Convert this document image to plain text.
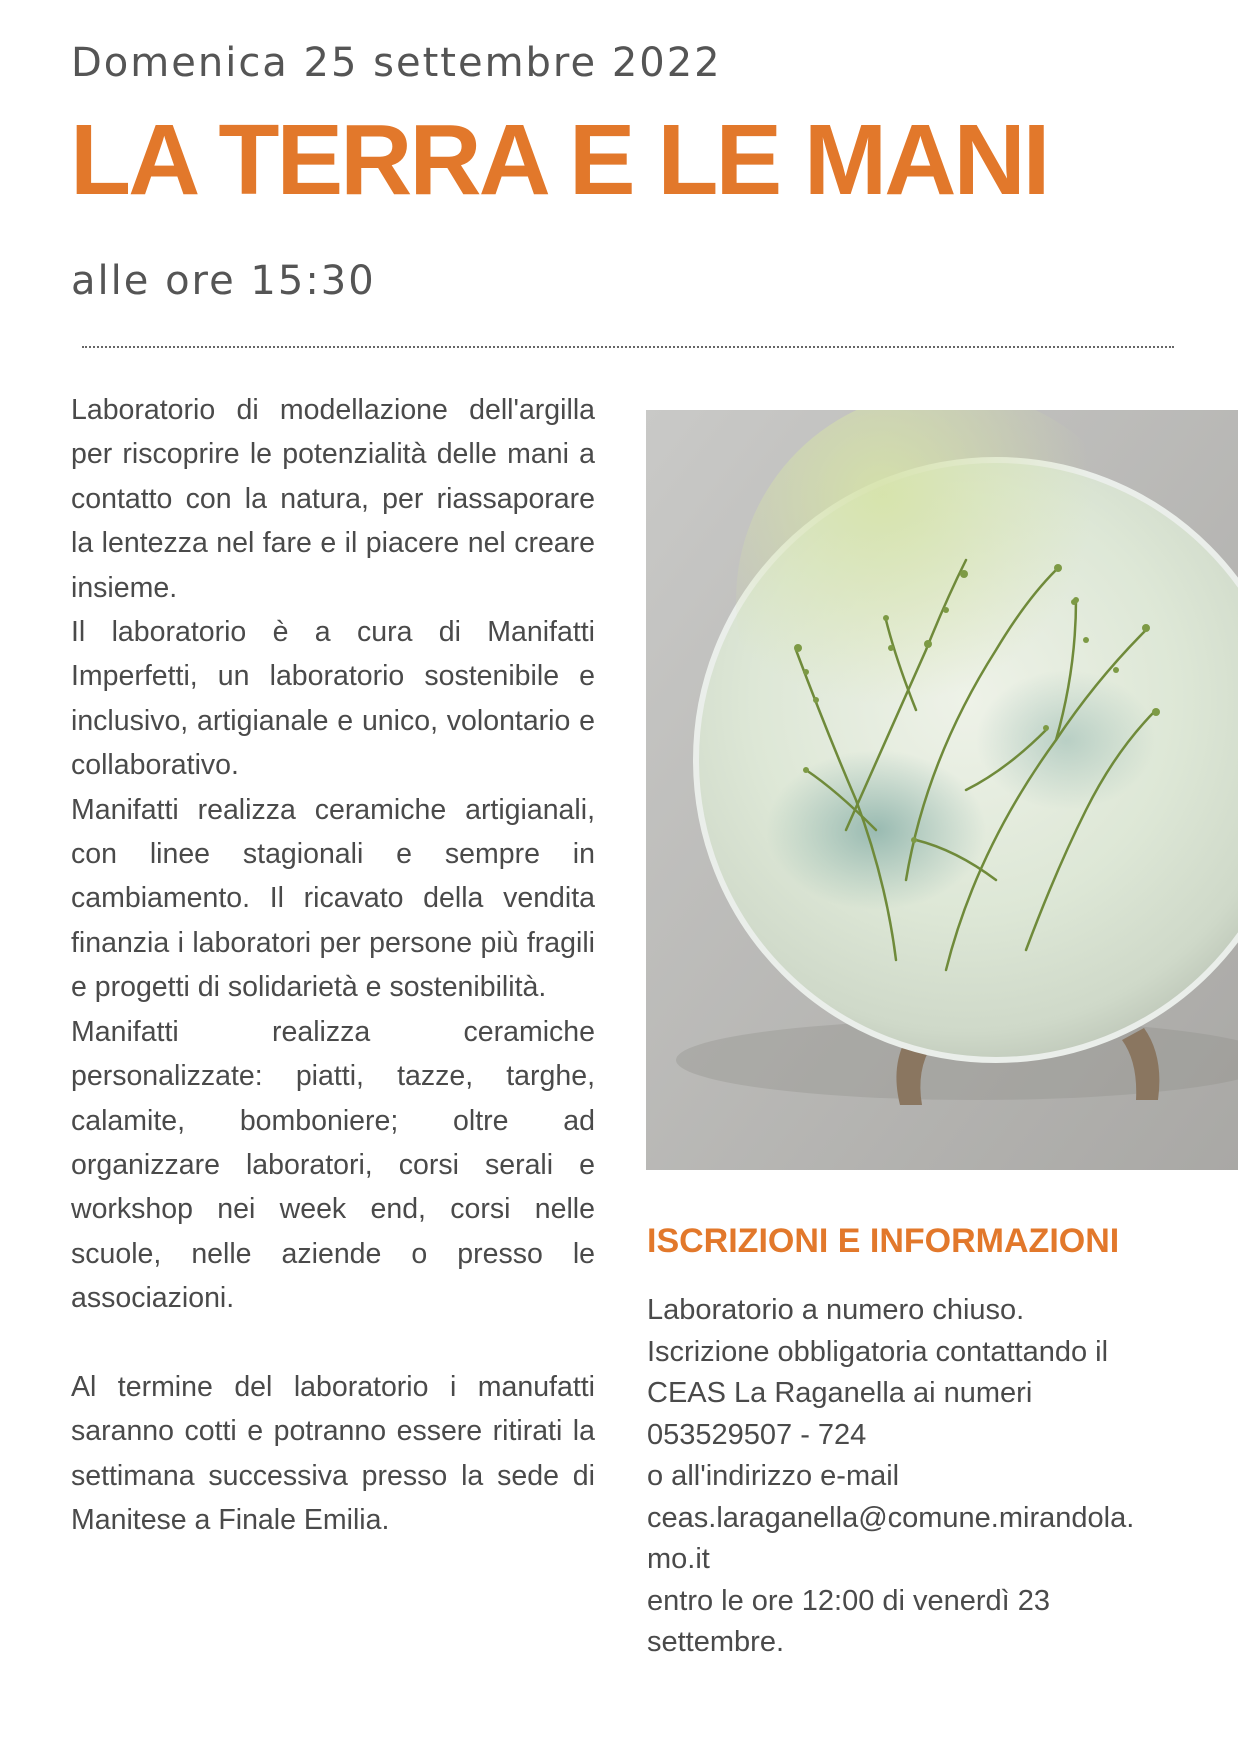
Domenica 25 settembre 2022
LA TERRA E LE MANI
alle ore 15:30

Laboratorio di modellazione dell'argilla per riscoprire le potenzialità delle mani a contatto con la natura, per riassaporare la lentezza nel fare e il piacere nel creare insieme.

Il laboratorio è a cura di Manifatti Imperfetti, un laboratorio sostenibile e inclusivo, artigianale e unico, volontario e collaborativo.

Manifatti realizza ceramiche artigianali, con linee stagionali e sempre in cambiamento. Il ricavato della vendita finanzia i laboratori per persone più fragili e progetti di solidarietà e sostenibilità.

Manifatti realizza ceramiche personalizzate: piatti, tazze, targhe, calamite, bomboniere; oltre ad organizzare laboratori, corsi serali e workshop nei week end, corsi nelle scuole, nelle aziende o presso le associazioni.

Al termine del laboratorio i manufatti saranno cotti e potranno essere ritirati la settimana successiva presso la sede di Manitese a Finale Emilia.

ISCRIZIONI E INFORMAZIONI
Laboratorio a numero chiuso.
Iscrizione obbligatoria contattando il
CEAS La Raganella ai numeri
053529507 - 724
o all'indirizzo e-mail
ceas.laraganella@comune.mirandola.
mo.it
entro le ore 12:00 di venerdì 23
settembre.
